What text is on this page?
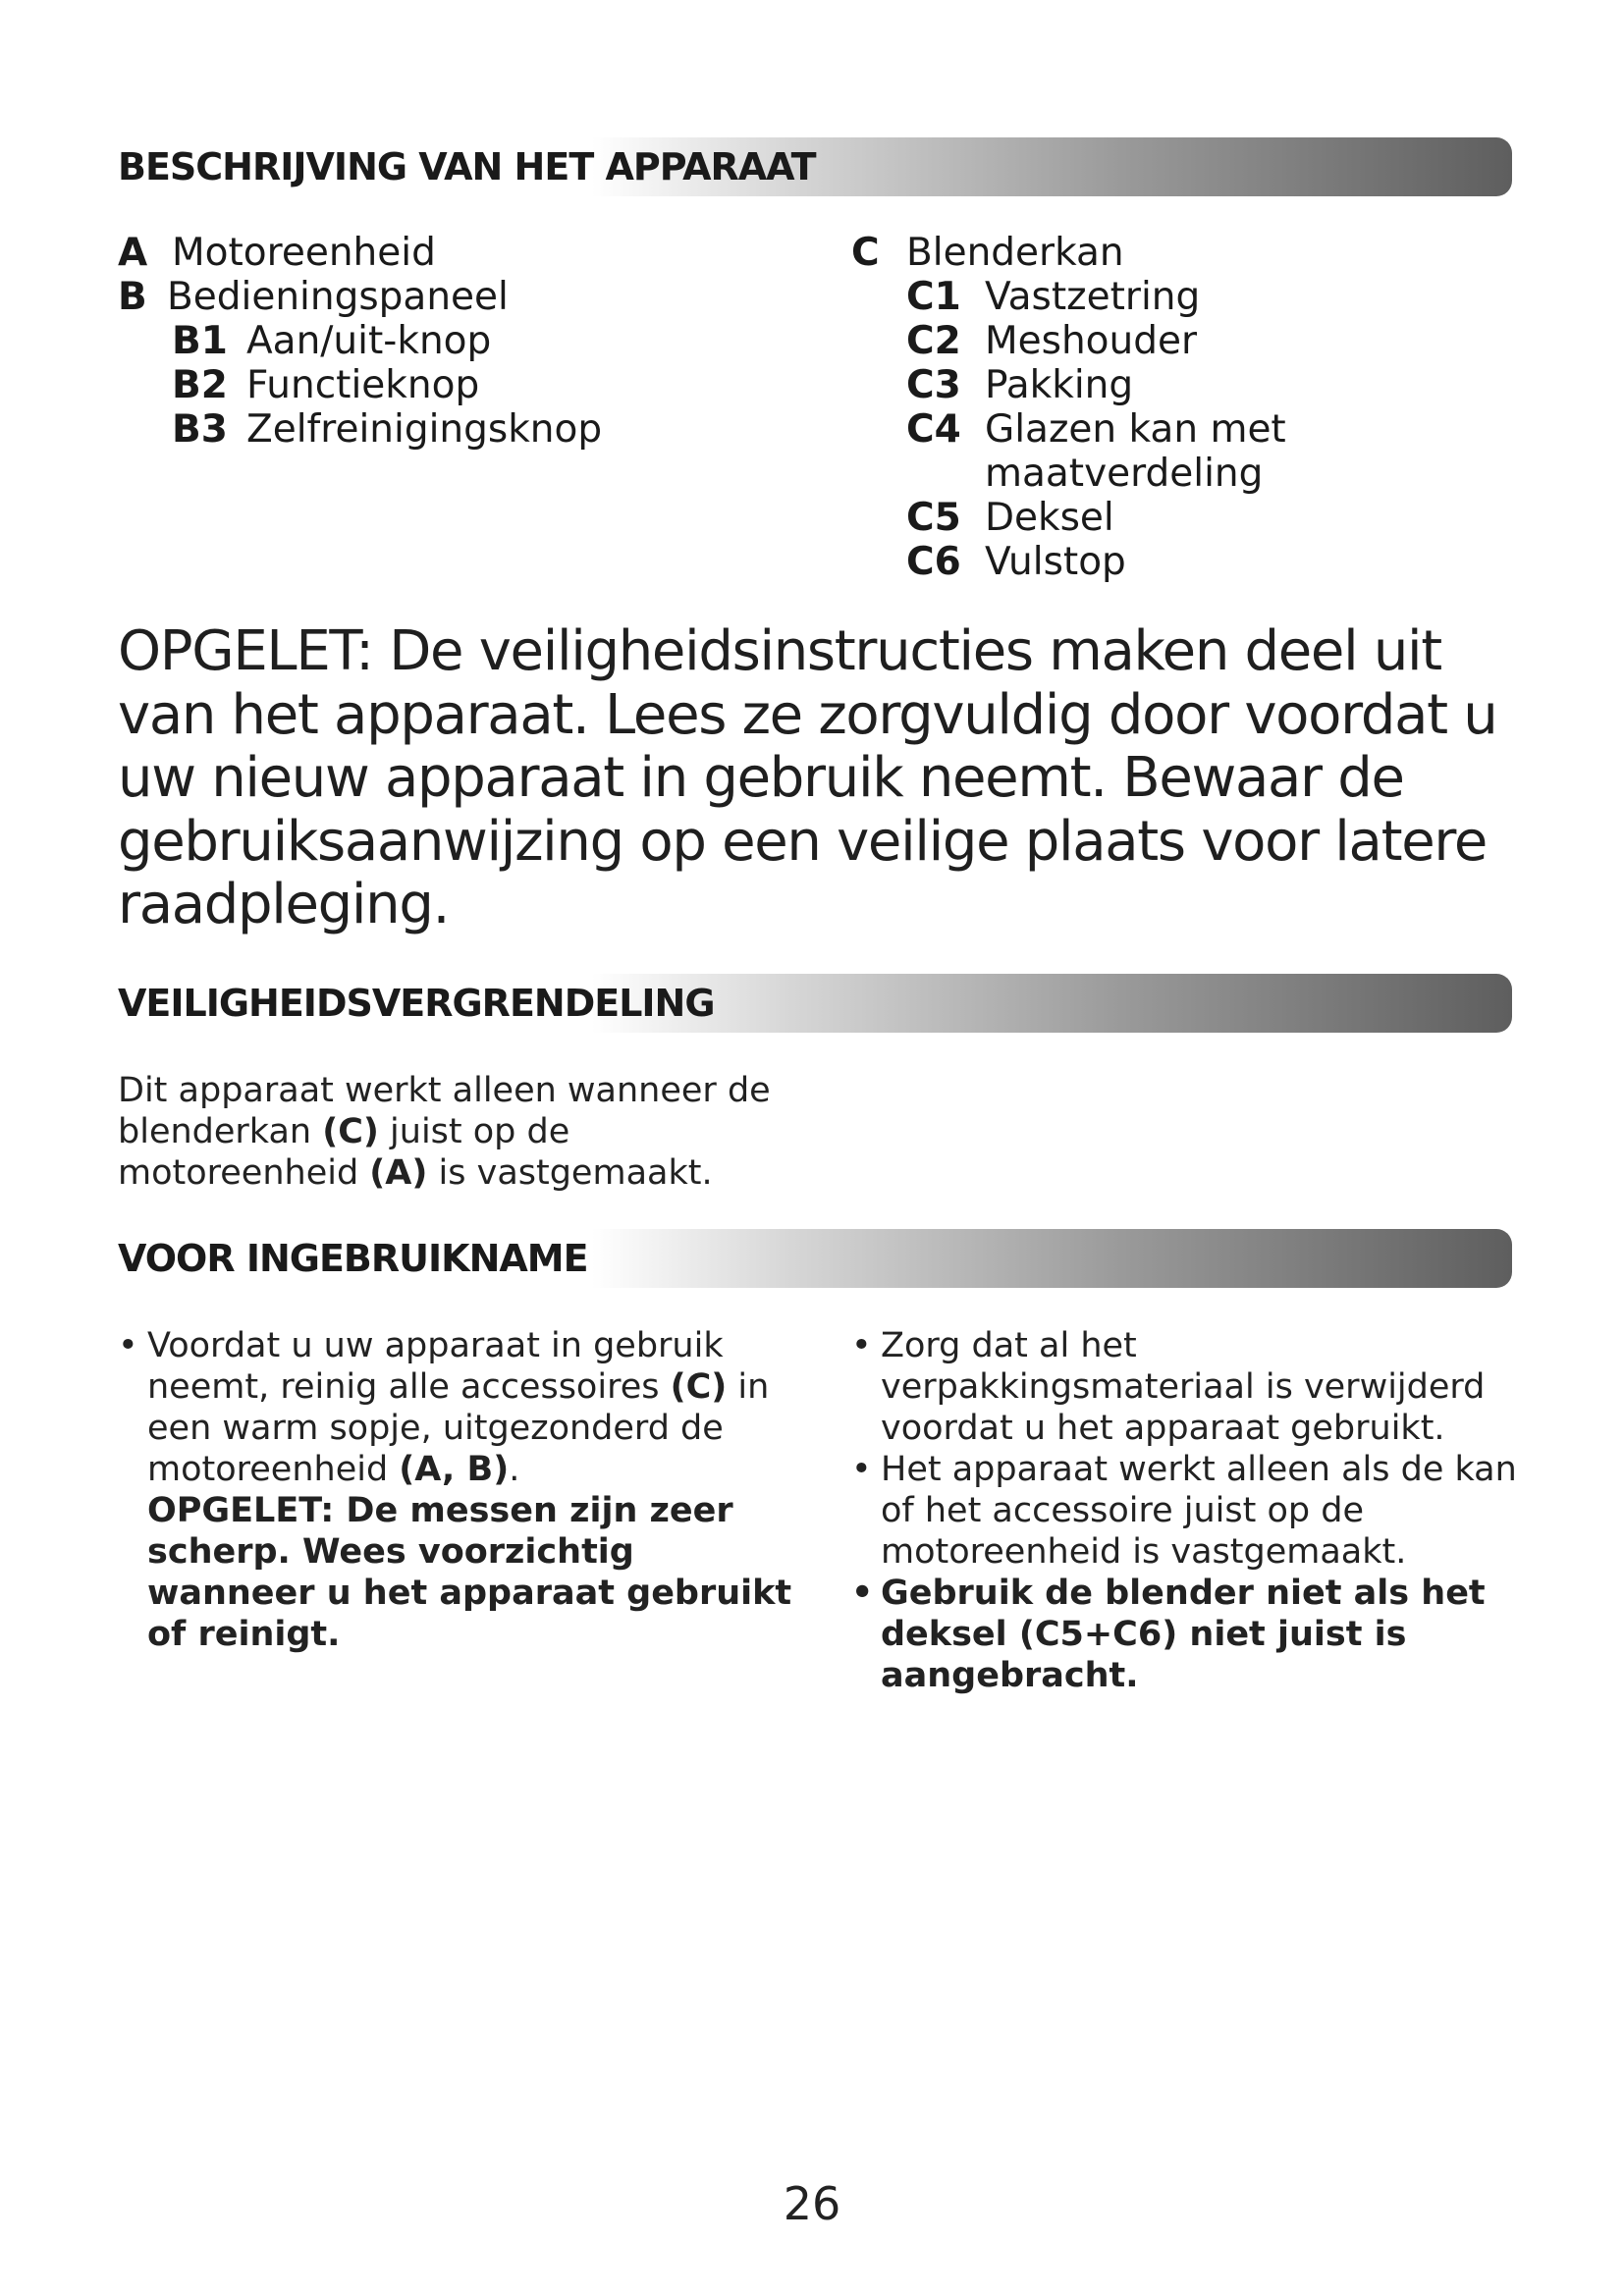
BESCHRIJVING VAN HET APPARAAT
A Motoreenheid
B Bedieningspaneel
B1 Aan/uit-knop
B2 Functieknop
B3 Zelfreinigingsknop
C Blenderkan
C1 Vastzetring
C2 Meshouder
C3 Pakking
C4 Glazen kan met
maatverdeling
C5 Deksel
C6 Vulstop
OPGELET: De veiligheidsinstructies maken deel uit van het apparaat. Lees ze zorgvuldig door voordat u uw nieuw apparaat in gebruik neemt. Bewaar de gebruiksaanwijzing op een veilige plaats voor latere raadpleging.
VEILIGHEIDSVERGRENDELING
Dit apparaat werkt alleen wanneer de blenderkan (C) juist op de motoreenheid (A) is vastgemaakt.
VOOR INGEBRUIKNAME
• Voordat u uw apparaat in gebruik neemt, reinig alle accessoires (C) in een warm sopje, uitgezonderd de motoreenheid (A, B).
OPGELET: De messen zijn zeer scherp. Wees voorzichtig wanneer u het apparaat gebruikt of reinigt.
• Zorg dat al het verpakkingsmateriaal is verwijderd voordat u het apparaat gebruikt.
• Het apparaat werkt alleen als de kan of het accessoire juist op de motoreenheid is vastgemaakt.
• Gebruik de blender niet als het deksel (C5+C6) niet juist is aangebracht.
26
